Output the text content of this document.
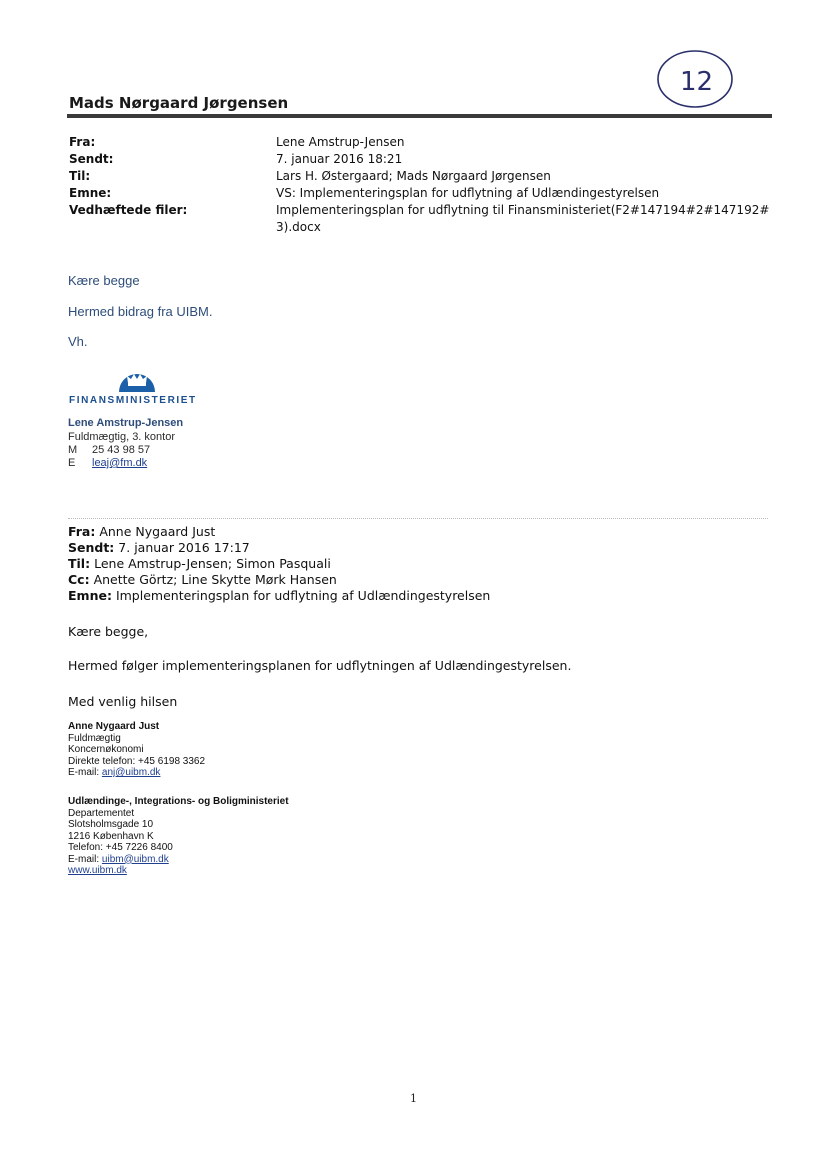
12
Mads Nørgaard Jørgensen
Fra:	Lene Amstrup-Jensen
Sendt:	7. januar 2016 18:21
Til:	Lars H. Østergaard; Mads Nørgaard Jørgensen
Emne:	VS: Implementeringsplan for udflytning af Udlændingestyrelsen
Vedhæftede filer:	Implementeringsplan for udflytning til Finansministeriet(F2#147194#2#147192#
3).docx
Kære begge
Hermed bidrag fra UIBM.
Vh.
FINANSMINISTERIET
Lene Amstrup-Jensen
Fuldmægtig, 3. kontor
M 25 43 98 57
E leaj@fm.dk
Fra: Anne Nygaard Just
Sendt: 7. januar 2016 17:17
Til: Lene Amstrup-Jensen; Simon Pasquali
Cc: Anette Görtz; Line Skytte Mørk Hansen
Emne: Implementeringsplan for udflytning af Udlændingestyrelsen
Kære begge,
Hermed følger implementeringsplanen for udflytningen af Udlændingestyrelsen.
Med venlig hilsen
Anne Nygaard Just
Fuldmægtig
Koncernøkonomi
Direkte telefon: +45 6198 3362
E-mail: anj@uibm.dk
Udlændinge-, Integrations- og Boligministeriet
Departementet
Slotsholmsgade 10
1216 København K
Telefon: +45 7226 8400
E-mail: uibm@uibm.dk
www.uibm.dk
1
